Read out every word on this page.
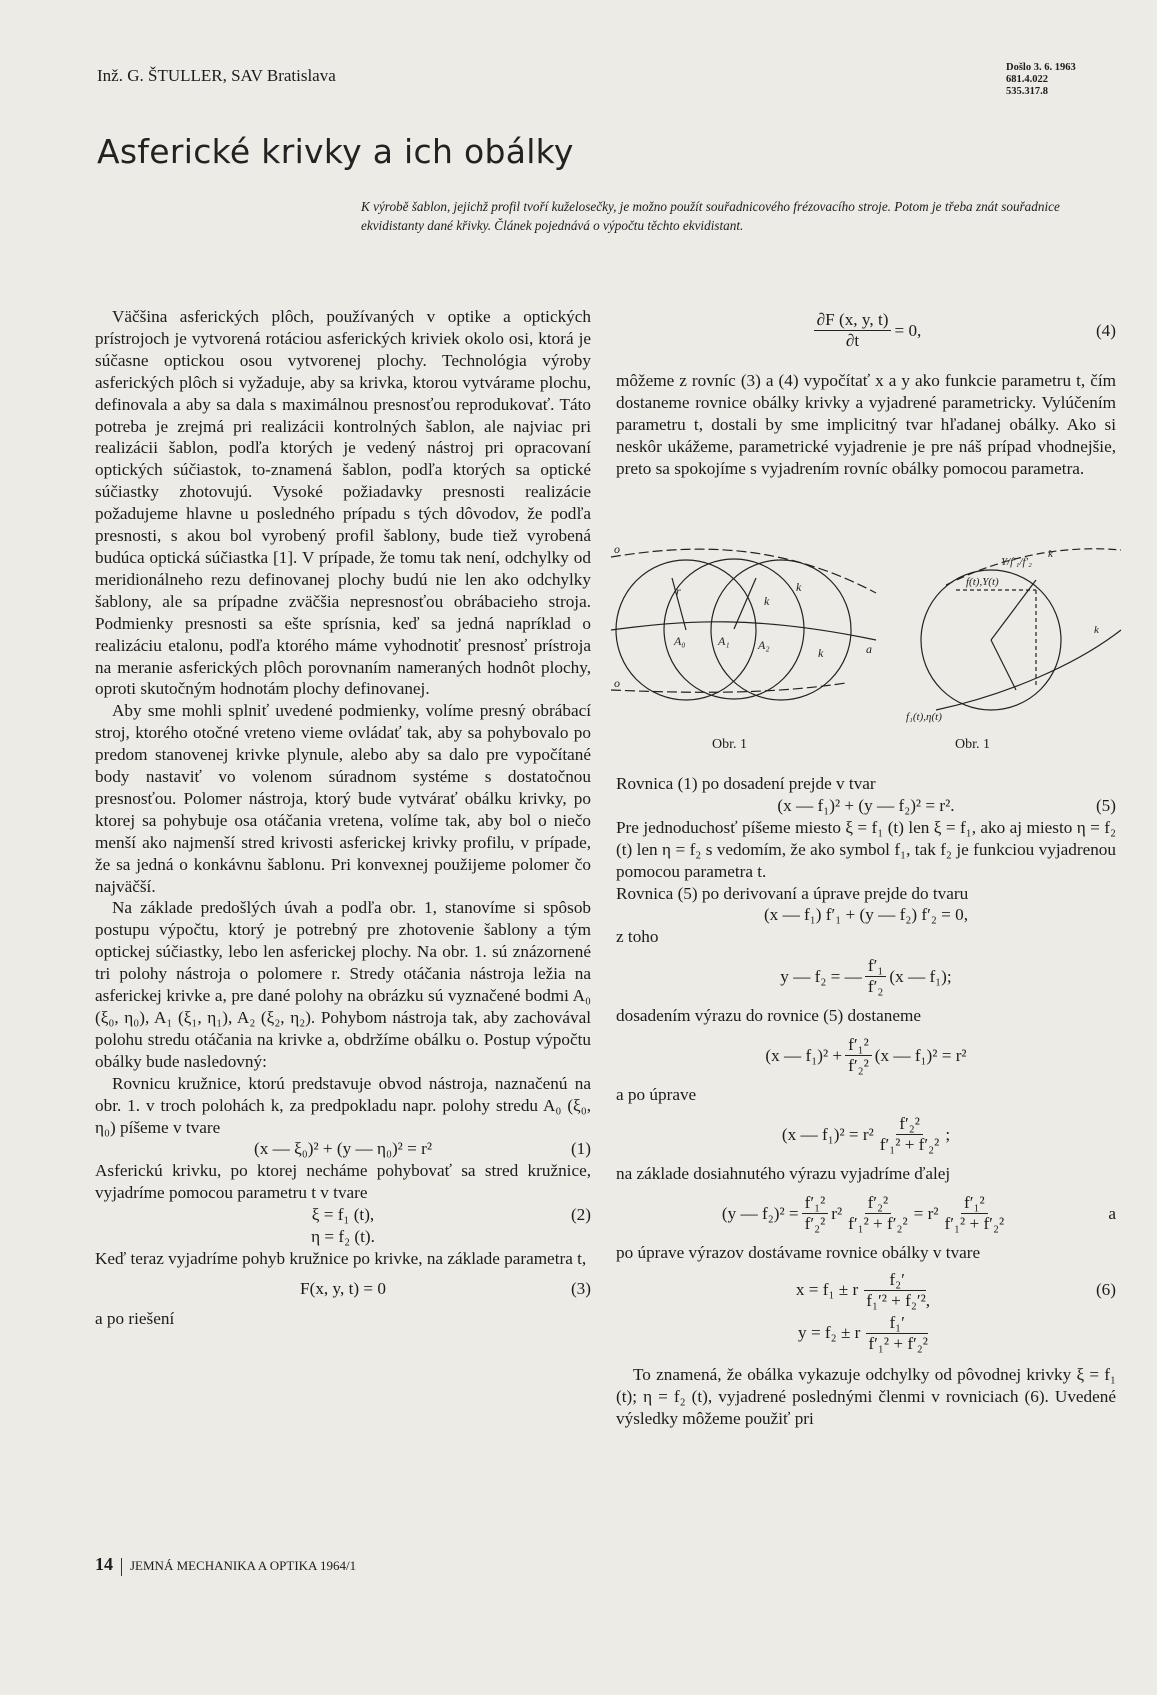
Inž. G. ŠTULLER, SAV Bratislava	Došlo 3. 6. 1963
681.4.022
535.317.8
Asferické krivky a ich obálky
K výrobě šablon, jejichž profil tvoří kuželosečky, je možno použít souřadnicového frézovacího stroje. Potom je třeba znát souřadnice ekvidistanty dané křivky. Článek pojednává o výpočtu těchto ekvidistant.

Väčšina asferických plôch, používaných v optike a optických prístrojoch je vytvorená rotáciou asferických kriviek okolo osi, ktorá je súčasne optickou osou vytvorenej plochy. Technológia výroby asferických plôch si vyžaduje, aby sa krivka, ktorou vytvárame plochu, definovala a aby sa dala s maximálnou presnosťou reprodukovať. Táto potreba je zrejmá pri realizácii kontrolných šablon, ale najviac pri realizácii šablon, podľa ktorých je vedený nástroj pri opracovaní optických súčiastok, to-znamená šablon, podľa ktorých sa optické súčiastky zhotovujú. Vysoké požiadavky presnosti realizácie požadujeme hlavne u posledného prípadu s tých dôvodov, že podľa presnosti, s akou bol vyrobený profil šablony, bude tiež vyrobená budúca optická súčiastka [1]. V prípade, že tomu tak není, odchylky od meridionálneho rezu definovanej plochy budú nie len ako odchylky šablony, ale sa prípadne zväčšia nepresnosťou obrábacieho stroja. Podmienky presnosti sa ešte sprísnia, keď sa jedná napríklad o realizáciu etalonu, podľa ktorého máme vyhodnotiť presnosť prístroja na meranie asferických plôch porovnaním nameraných hodnôt plochy, oproti skutočným hodnotám plochy definovanej.

Aby sme mohli splniť uvedené podmienky, volíme presný obrábací stroj, ktorého otočné vreteno vieme ovládať tak, aby sa pohybovalo po predom stanovenej krivke plynule, alebo aby sa dalo pre vypočítané body nastaviť vo volenom súradnom systéme s dostatočnou presnosťou. Polomer nástroja, ktorý bude vytvárať obálku krivky, po ktorej sa pohybuje osa otáčania vretena, volíme tak, aby bol o niečo menší ako najmenší stred krivosti asferickej krivky profilu, v prípade, že sa jedná o konkávnu šablonu. Pri konvexnej použijeme polomer čo najväčší.

Na základe predošlých úvah a podľa obr. 1, stanovíme si spôsob postupu výpočtu, ktorý je potrebný pre zhotovenie šablony a tým optickej súčiastky, lebo len asferickej plochy. Na obr. 1. sú znázornené tri polohy nástroja o polomere r. Stredy otáčania nástroja ležia na asferickej krivke a, pre dané polohy na obrázku sú vyznačené bodmi A₀ (ξ₀, η₀), A₁ (ξ₁, η₁), A₂ (ξ₂, η₂). Pohybom nástroja tak, aby zachovával polohu stredu otáčania na krivke a, obdržíme obálku o. Postup výpočtu obálky bude nasledovný:

Rovnicu kružnice, ktorú predstavuje obvod nástroja, naznačenú na obr. 1. v troch polohách k, za predpokladu napr. polohy stredu A₀ (ξ₀, η₀) píšeme v tvare

(x — ξ₀)² + (y — η₀)² = r²	(1)

Asferickú krivku, po ktorej necháme pohybovať sa stred kružnice, vyjadríme pomocou parametru t v tvare

ξ = f₁ (t),	(2)
η = f₂ (t).

Keď teraz vyjadríme pohyb kružnice po krivke, na základe parametra t,

F(x, y, t) = 0	(3)

a po riešení

$\frac{\partial F (x, y, t)}{\partial t} = 0$,	(4)
môžeme z rovníc (3) a (4) vypočítať x a y ako funkcie parametru t, čím dostaneme rovnice obálky krivky a vyjadrené parametricky. Vylúčením parametru t, dostali by sme implicitný tvar hľadanej obálky. Ako si neskôr ukážeme, parametrické vyjadrenie je pre náš prípad vhodnejšie, preto sa spokojíme s vyjadrením rovníc obálky pomocou parametra.
o
o
A₀	A₁ A₂
r
k
k
k	a
f(t),Y(t)
k
f₁(t),η(t)
k
Y/f′₁/f′₂
Obr. 1	Obr. 1

Rovnica (1) po dosadení prejde v tvar

(x — f₁)² + (y — f₂)² = r².	(5)

Pre jednoduchosť píšeme miesto ξ = f₁ (t) len ξ = f₁, ako aj miesto η = f₂ (t) len η = f₂ s vedomím, že ako symbol f₁, tak f₂ je funkciou vyjadrenou pomocou parametra t.

Rovnica (5) po derivovaní a úprave prejde do tvaru

(x — f₁) f′₁ + (y — f₂) f′₂ = 0,

z toho

y — f₂ = — $\frac{\text{f′₁}}{\text{f′₂}} (x$ — f₁);

dosadením výrazu do rovnice (5) dostaneme

(x — $f_1)^2 + \frac{\text{f′₁²}}{\text{f′₂²}} (x$ — f₁)² = r²

a po úprave

(x — $f_1)^2 = r^2 \frac{\text{f′₂²}}{\text{f′₁² + f′₂²}}$ ;

na základe dosiahnutého výrazu vyjadríme ďalej

(y — $f_2)^2 = \frac{\text{f′₁²}}{\text{f′₂²}} r^2 \frac{\text{f′₂²}}{\text{f′₁² + f′₂²}} = r^2 \frac{\text{f′₁²}}{\text{f′₁² + f′₂²}}$	a

po úprave výrazov dostávame rovnice obálky v tvare

x = f₁ ± r $\frac{\text{f₂′}}{\text{f₁′² + f₂′²,}}$	(6)
y = f₂ ± r $\frac{\text{f₁′}}{\text{f′₁² + f′₂²}}$

To znamená, že obálka vykazuje odchylky od pôvodnej krivky ξ = f₁ (t); η = f₂ (t), vyjadrené poslednými členmi v rovniciach (6). Uvedené výsledky môžeme použiť pri

14 JEMNÁ MECHANIKA A OPTIKA 1964/1
